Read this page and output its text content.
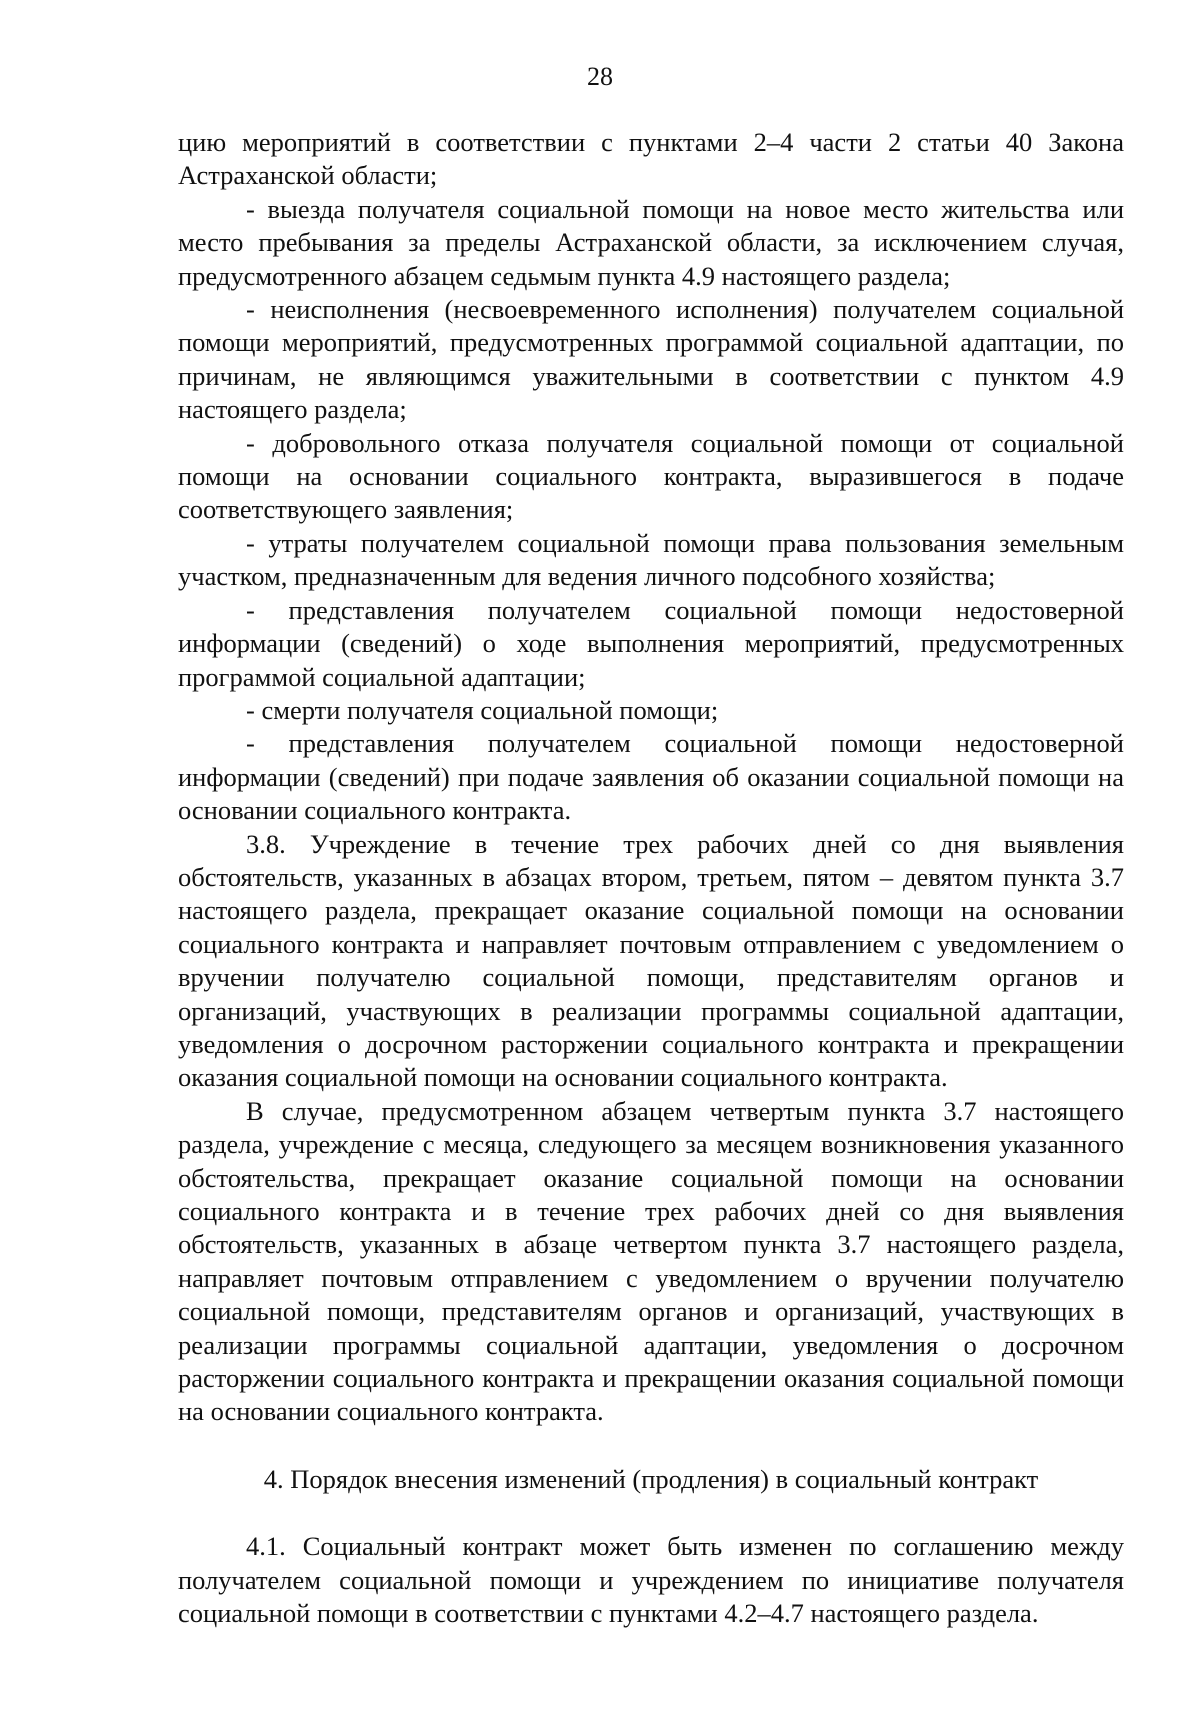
28

цию мероприятий в соответствии с пунктами 2–4 части 2 статьи 40 Закона Астраханской области;

- выезда получателя социальной помощи на новое место жительства или место пребывания за пределы Астраханской области, за исключением случая, предусмотренного абзацем седьмым пункта 4.9 настоящего раздела;

- неисполнения (несвоевременного исполнения) получателем социальной помощи мероприятий, предусмотренных программой социальной адаптации, по причинам, не являющимся уважительными в соответствии с пунктом 4.9 настоящего раздела;

- добровольного отказа получателя социальной помощи от социальной помощи на основании социального контракта, выразившегося в подаче соответствующего заявления;

- утраты получателем социальной помощи права пользования земельным участком, предназначенным для ведения личного подсобного хозяйства;

- представления получателем социальной помощи недостоверной информации (сведений) о ходе выполнения мероприятий, предусмотренных программой социальной адаптации;

- смерти получателя социальной помощи;

- представления получателем социальной помощи недостоверной информации (сведений) при подаче заявления об оказании социальной помощи на основании социального контракта.

3.8. Учреждение в течение трех рабочих дней со дня выявления обстоятельств, указанных в абзацах втором, третьем, пятом – девятом пункта 3.7 настоящего раздела, прекращает оказание социальной помощи на основании социального контракта и направляет почтовым отправлением с уведомлением о вручении получателю социальной помощи, представителям органов и организаций, участвующих в реализации программы социальной адаптации, уведомления о досрочном расторжении социального контракта и прекращении оказания социальной помощи на основании социального контракта.

В случае, предусмотренном абзацем четвертым пункта 3.7 настоящего раздела, учреждение с месяца, следующего за месяцем возникновения указанного обстоятельства, прекращает оказание социальной помощи на основании социального контракта и в течение трех рабочих дней со дня выявления обстоятельств, указанных в абзаце четвертом пункта 3.7 настоящего раздела, направляет почтовым отправлением с уведомлением о вручении получателю социальной помощи, представителям органов и организаций, участвующих в реализации программы социальной адаптации, уведомления о досрочном расторжении социального контракта и прекращении оказания социальной помощи на основании социального контракта.

4. Порядок внесения изменений (продления) в социальный контракт

4.1. Социальный контракт может быть изменен по соглашению между получателем социальной помощи и учреждением по инициативе получателя социальной помощи в соответствии с пунктами 4.2–4.7 настоящего раздела.
